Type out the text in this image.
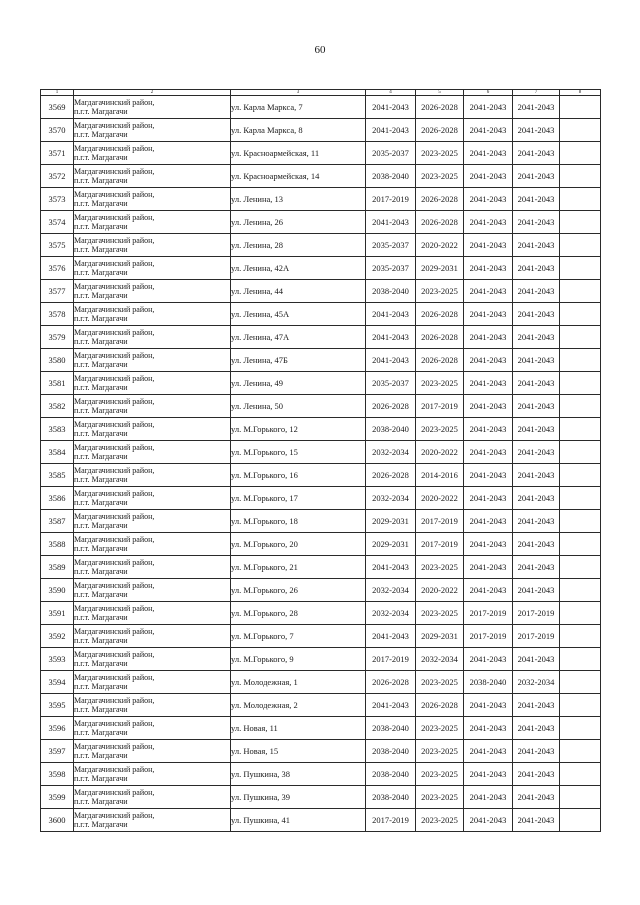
60
1	2	3	4	5	6	7	8
3569	Магдагачинский район,
п.г.т. Магдагачи	ул. Карла Маркса, 7	2041-2043	2026-2028	2041-2043	2041-2043	
3570	Магдагачинский район,
п.г.т. Магдагачи	ул. Карла Маркса, 8	2041-2043	2026-2028	2041-2043	2041-2043	
3571	Магдагачинский район,
п.г.т. Магдагачи	ул. Красноармейская, 11	2035-2037	2023-2025	2041-2043	2041-2043	
3572	Магдагачинский район,
п.г.т. Магдагачи	ул. Красноармейская, 14	2038-2040	2023-2025	2041-2043	2041-2043	
3573	Магдагачинский район,
п.г.т. Магдагачи	ул. Ленина, 13	2017-2019	2026-2028	2041-2043	2041-2043	
3574	Магдагачинский район,
п.г.т. Магдагачи	ул. Ленина, 26	2041-2043	2026-2028	2041-2043	2041-2043	
3575	Магдагачинский район,
п.г.т. Магдагачи	ул. Ленина, 28	2035-2037	2020-2022	2041-2043	2041-2043	
3576	Магдагачинский район,
п.г.т. Магдагачи	ул. Ленина, 42А	2035-2037	2029-2031	2041-2043	2041-2043	
3577	Магдагачинский район,
п.г.т. Магдагачи	ул. Ленина, 44	2038-2040	2023-2025	2041-2043	2041-2043	
3578	Магдагачинский район,
п.г.т. Магдагачи	ул. Ленина, 45А	2041-2043	2026-2028	2041-2043	2041-2043	
3579	Магдагачинский район,
п.г.т. Магдагачи	ул. Ленина, 47А	2041-2043	2026-2028	2041-2043	2041-2043	
3580	Магдагачинский район,
п.г.т. Магдагачи	ул. Ленина, 47Б	2041-2043	2026-2028	2041-2043	2041-2043	
3581	Магдагачинский район,
п.г.т. Магдагачи	ул. Ленина, 49	2035-2037	2023-2025	2041-2043	2041-2043	
3582	Магдагачинский район,
п.г.т. Магдагачи	ул. Ленина, 50	2026-2028	2017-2019	2041-2043	2041-2043	
3583	Магдагачинский район,
п.г.т. Магдагачи	ул. М.Горького, 12	2038-2040	2023-2025	2041-2043	2041-2043	
3584	Магдагачинский район,
п.г.т. Магдагачи	ул. М.Горького, 15	2032-2034	2020-2022	2041-2043	2041-2043	
3585	Магдагачинский район,
п.г.т. Магдагачи	ул. М.Горького, 16	2026-2028	2014-2016	2041-2043	2041-2043	
3586	Магдагачинский район,
п.г.т. Магдагачи	ул. М.Горького, 17	2032-2034	2020-2022	2041-2043	2041-2043	
3587	Магдагачинский район,
п.г.т. Магдагачи	ул. М.Горького, 18	2029-2031	2017-2019	2041-2043	2041-2043	
3588	Магдагачинский район,
п.г.т. Магдагачи	ул. М.Горького, 20	2029-2031	2017-2019	2041-2043	2041-2043	
3589	Магдагачинский район,
п.г.т. Магдагачи	ул. М.Горького, 21	2041-2043	2023-2025	2041-2043	2041-2043	
3590	Магдагачинский район,
п.г.т. Магдагачи	ул. М.Горького, 26	2032-2034	2020-2022	2041-2043	2041-2043	
3591	Магдагачинский район,
п.г.т. Магдагачи	ул. М.Горького, 28	2032-2034	2023-2025	2017-2019	2017-2019	
3592	Магдагачинский район,
п.г.т. Магдагачи	ул. М.Горького, 7	2041-2043	2029-2031	2017-2019	2017-2019	
3593	Магдагачинский район,
п.г.т. Магдагачи	ул. М.Горького, 9	2017-2019	2032-2034	2041-2043	2041-2043	
3594	Магдагачинский район,
п.г.т. Магдагачи	ул. Молодежная, 1	2026-2028	2023-2025	2038-2040	2032-2034	
3595	Магдагачинский район,
п.г.т. Магдагачи	ул. Молодежная, 2	2041-2043	2026-2028	2041-2043	2041-2043	
3596	Магдагачинский район,
п.г.т. Магдагачи	ул. Новая, 11	2038-2040	2023-2025	2041-2043	2041-2043	
3597	Магдагачинский район,
п.г.т. Магдагачи	ул. Новая, 15	2038-2040	2023-2025	2041-2043	2041-2043	
3598	Магдагачинский район,
п.г.т. Магдагачи	ул. Пушкина, 38	2038-2040	2023-2025	2041-2043	2041-2043	
3599	Магдагачинский район,
п.г.т. Магдагачи	ул. Пушкина, 39	2038-2040	2023-2025	2041-2043	2041-2043	
3600	Магдагачинский район,
п.г.т. Магдагачи	ул. Пушкина, 41	2017-2019	2023-2025	2041-2043	2041-2043	
